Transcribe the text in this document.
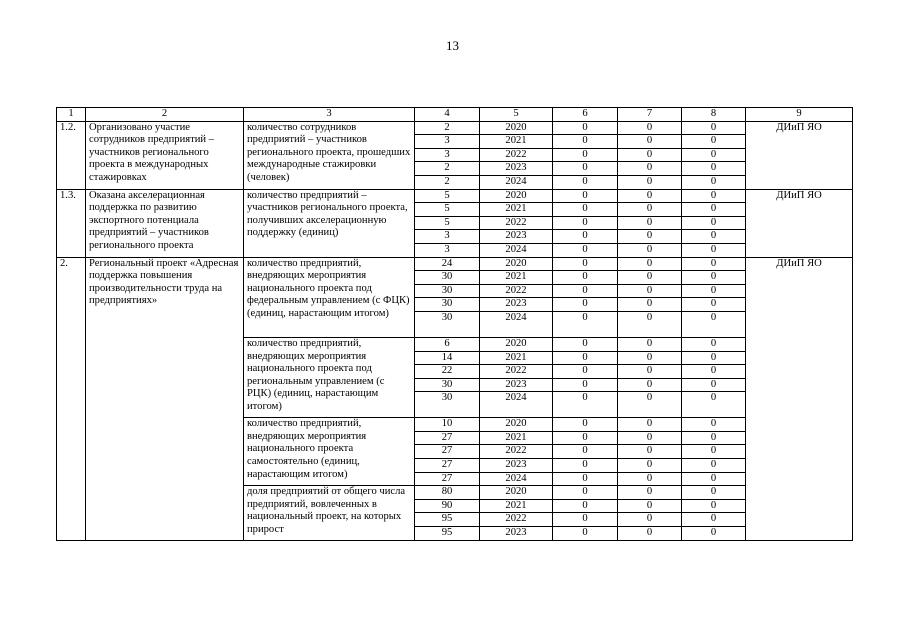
13
1	2	3	4	5	6	7	8	9
1.2.	Организовано участие сотрудников предприятий – участников регионального проекта в международных стажировках	количество сотрудников предприятий – участников регионального проекта, прошедших международные стажировки (человек)	2	2020	0	0	0	ДИиП ЯО
			3	2021	0	0	0	
			3	2022	0	0	0	
			2	2023	0	0	0	
			2	2024	0	0	0	
1.3.	Оказана акселерационная поддержка по развитию экспортного потенциала предприятий – участников регионального проекта	количество предприятий – участников регионального проекта, получивших акселерационную поддержку (единиц)	5	2020	0	0	0	ДИиП ЯО
			5	2021	0	0	0	
			5	2022	0	0	0	
			3	2023	0	0	0	
			3	2024	0	0	0	
2.	Региональный проект «Адресная поддержка повышения производительности труда на предприятиях»	количество предприятий, внедряющих мероприятия национального проекта под федеральным управлением (с ФЦК) (единиц, нарастающим итогом)	24	2020	0	0	0	ДИиП ЯО
			30	2021	0	0	0	
			30	2022	0	0	0	
			30	2023	0	0	0	
			30	2024	0	0	0	
		количество предприятий, внедряющих мероприятия национального проекта под региональным управлением (с РЦК) (единиц, нарастающим итогом)	6	2020	0	0	0	
			14	2021	0	0	0	
			22	2022	0	0	0	
			30	2023	0	0	0	
			30	2024	0	0	0	
		количество предприятий, внедряющих мероприятия национального проекта самостоятельно (единиц, нарастающим итогом)	10	2020	0	0	0	
			27	2021	0	0	0	
			27	2022	0	0	0	
			27	2023	0	0	0	
			27	2024	0	0	0	
		доля предприятий от общего числа предприятий, вовлеченных в национальный проект, на которых прирост	80	2020	0	0	0	
			90	2021	0	0	0	
			95	2022	0	0	0	
			95	2023	0	0	0	
